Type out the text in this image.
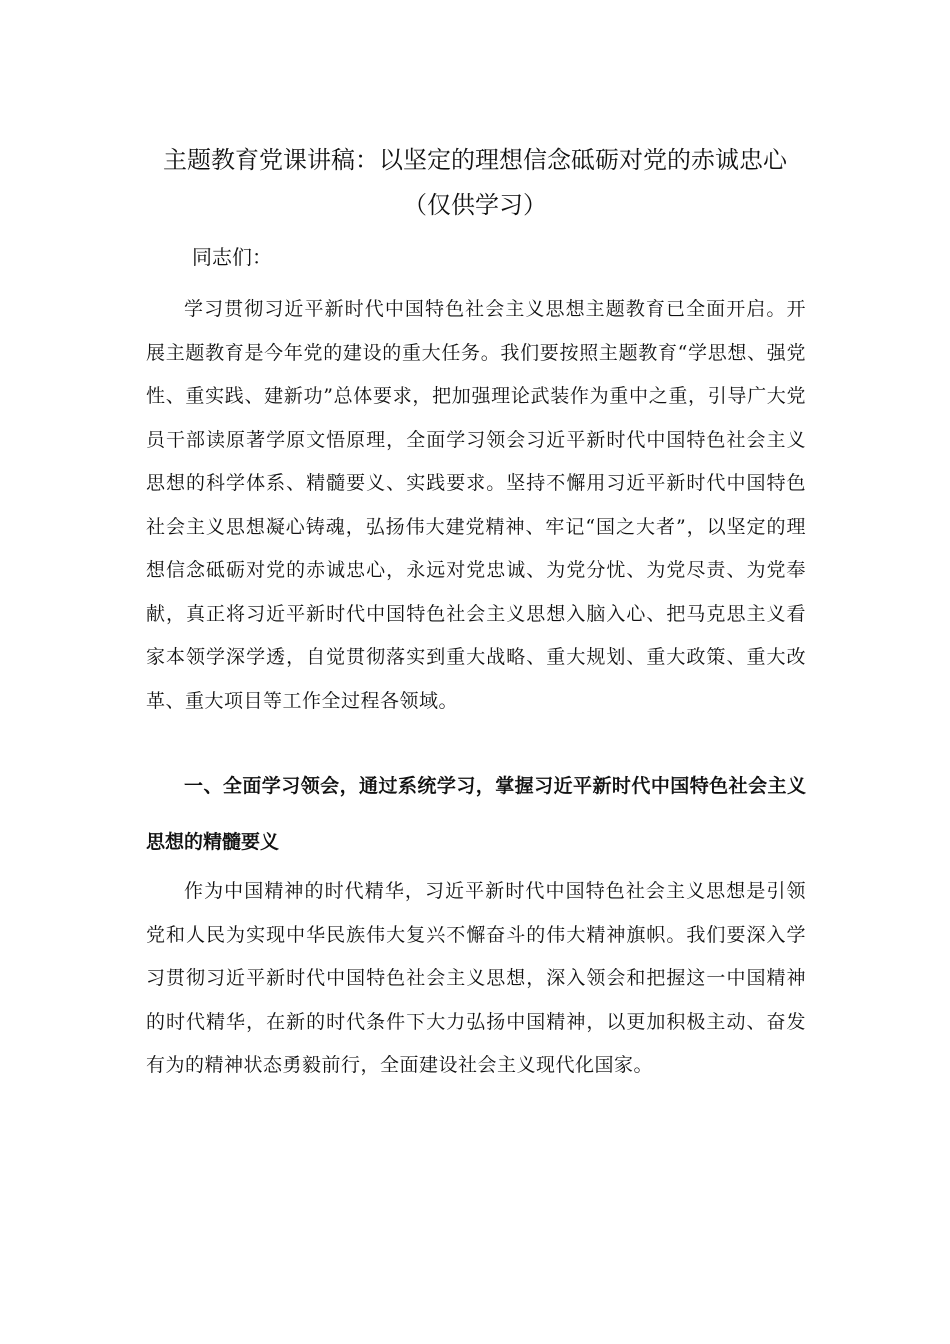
主题教育党课讲稿：以坚定的理想信念砥砺对党的赤诚忠心
（仅供学习）
同志们：

学习贯彻习近平新时代中国特色社会主义思想主题教育已全面开启。开展主题教育是今年党的建设的重大任务。我们要按照主题教育“学思想、强党性、重实践、建新功”总体要求，把加强理论武装作为重中之重，引导广大党员干部读原著学原文悟原理，全面学习领会习近平新时代中国特色社会主义思想的科学体系、精髓要义、实践要求。坚持不懈用习近平新时代中国特色社会主义思想凝心铸魂，弘扬伟大建党精神、牢记“国之大者”，以坚定的理想信念砥砺对党的赤诚忠心，永远对党忠诚、为党分忧、为党尽责、为党奉献，真正将习近平新时代中国特色社会主义思想入脑入心、把马克思主义看家本领学深学透，自觉贯彻落实到重大战略、重大规划、重大政策、重大改革、重大项目等工作全过程各领域。

一、全面学习领会，通过系统学习，掌握习近平新时代中国特色社会主义思想的精髓要义

作为中国精神的时代精华，习近平新时代中国特色社会主义思想是引领党和人民为实现中华民族伟大复兴不懈奋斗的伟大精神旗帜。我们要深入学习贯彻习近平新时代中国特色社会主义思想，深入领会和把握这一中国精神的时代精华，在新的时代条件下大力弘扬中国精神，以更加积极主动、奋发有为的精神状态勇毅前行，全面建设社会主义现代化国家。
